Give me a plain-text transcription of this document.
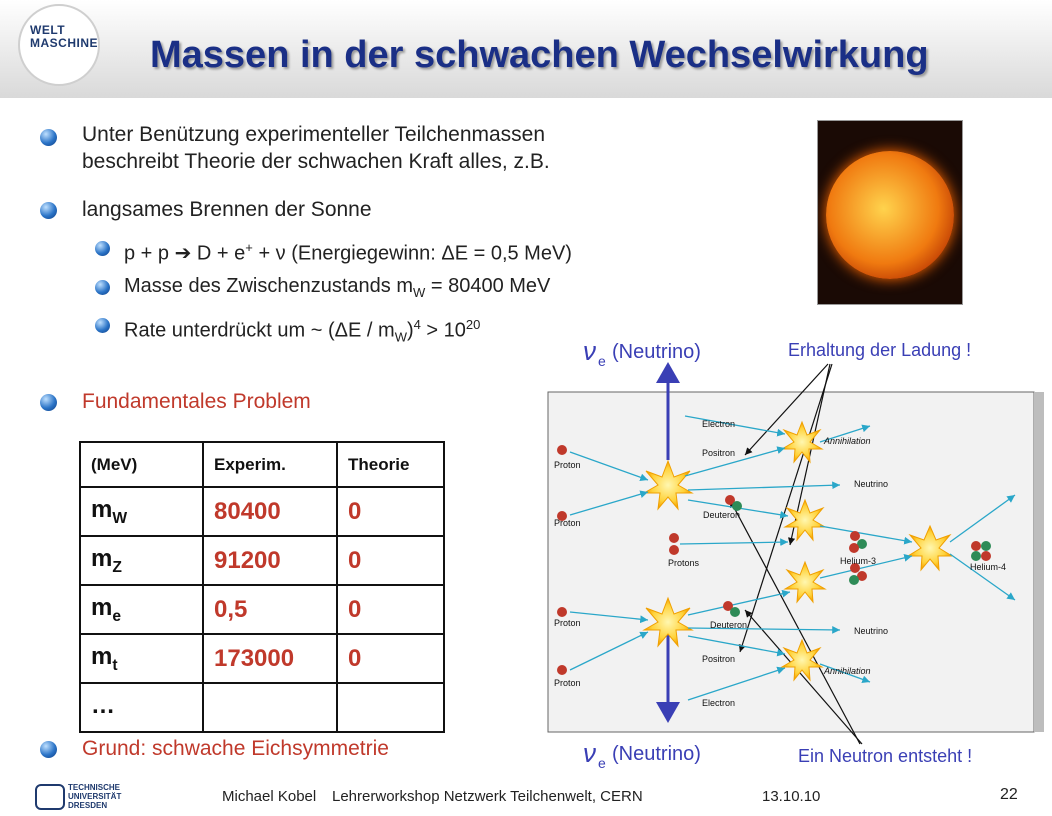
WELT
MASCHINE Massen in der schwachen Wechselwirkung
Unter Benützung experimenteller Teilchenmassen
beschreibt Theorie der schwachen Kraft alles, z.B.
langsames Brennen der Sonne
p + p ➔ D + e+ + ν (Energiegewinn: ΔE = 0,5 MeV)
Masse des Zwischenzustands $m_W = 80400$ MeV
Rate unterdrückt um ~ $(\Delta E / m_W)^4 > 10^{20}$
Fundamentales Problem
Grund: schwache Eichsymmetrie
(MeV)	Experim.	Theorie
$m_W$	80400	0
$m_Z$	91200	0
$m_e$	0,5	0
$m_t$	173000	0
…		
ν e (Neutrino)
ν e (Neutrino)
Erhaltung der Ladung !
Ein Neutron entsteht !
Electron
Positron
Proton
Proton
Annihilation
Neutrino
Deuteron
Protons	Helium-3
Helium-4
Proton
Proton
Deuteron
Neutrino
Positron
Annihilation
Electron
TECHNISCHE
UNIVERSITÄT
DRESDEN
Michael Kobel Lehrerworkshop Netzwerk Teilchenwelt, CERN	13.10.10	22
